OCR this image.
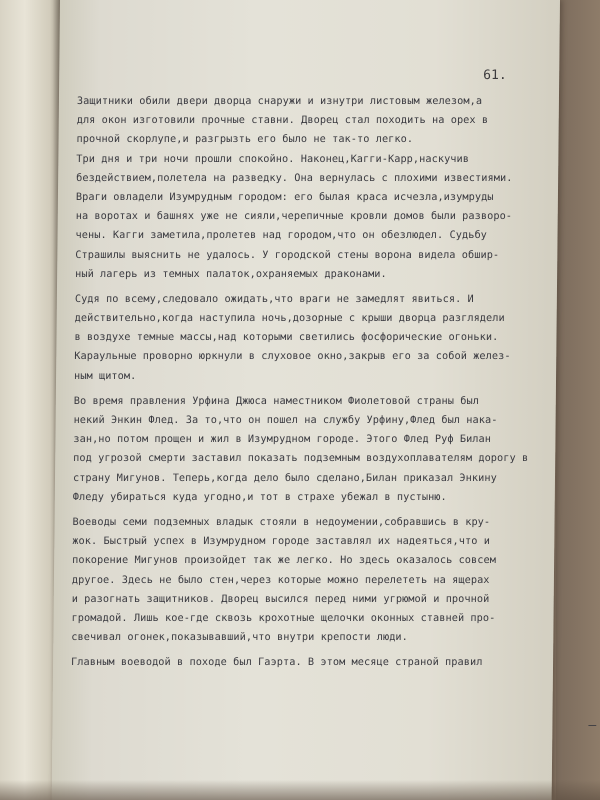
61.
Защитники обили двери дворца снаружи и изнутри листовым железом,а
для окон изготовили прочные ставни. Дворец стал походить на орех в
прочной скорлупе,и разгрызть его было не так-то легко.
Три дня и три ночи прошли спокойно. Наконец,Кагги-Карр,наскучив
бездействием,полетела на разведку. Она вернулась с плохими известиями.
Враги овладели Изумрудным городом: его былая краса исчезла,изумруды
на воротах и башнях уже не сияли,черепичные кровли домов были разворо-
чены. Кагги заметила,пролетев над городом,что он обезлюдел. Судьбу
Страшилы выяснить не удалось. У городской стены ворона видела обшир-
ный лагерь из темных палаток,охраняемых драконами.
Судя по всему,следовало ожидать,что враги не замедлят явиться. И
действительно,когда наступила ночь,дозорные с крыши дворца разглядели
в воздухе темные массы,над которыми светились фосфорические огоньки.
Караульные проворно юркнули в слуховое окно,закрыв его за собой желез-
ным щитом.
Во время правления Урфина Джюса наместником Фиолетовой страны был
некий Энкин Флед. За то,что он пошел на службу Урфину,Флед был нака-
зан,но потом прощен и жил в Изумрудном городе. Этого Флед Руф Билан
под угрозой смерти заставил показать подземным воздухоплавателям дорогу в
страну Мигунов. Теперь,когда дело было сделано,Билан приказал Энкину
Фледу убираться куда угодно,и тот в страхе убежал в пустыню.
Воеводы семи подземных владык стояли в недоумении,собравшись в кру-
жок. Быстрый успех в Изумрудном городе заставлял их надеяться,что и
покорение Мигунов произойдет так же легко. Но здесь оказалось совсем
другое. Здесь не было стен,через которые можно перелететь на ящерах
и разогнать защитников. Дворец высился перед ними угрюмой и прочной
громадой. Лишь кое-где сквозь крохотные щелочки оконных ставней про-
свечивал огонек,показывавший,что внутри крепости люди.
Главным воеводой в походе был Гаэрта. В этом месяце страной правил
–
